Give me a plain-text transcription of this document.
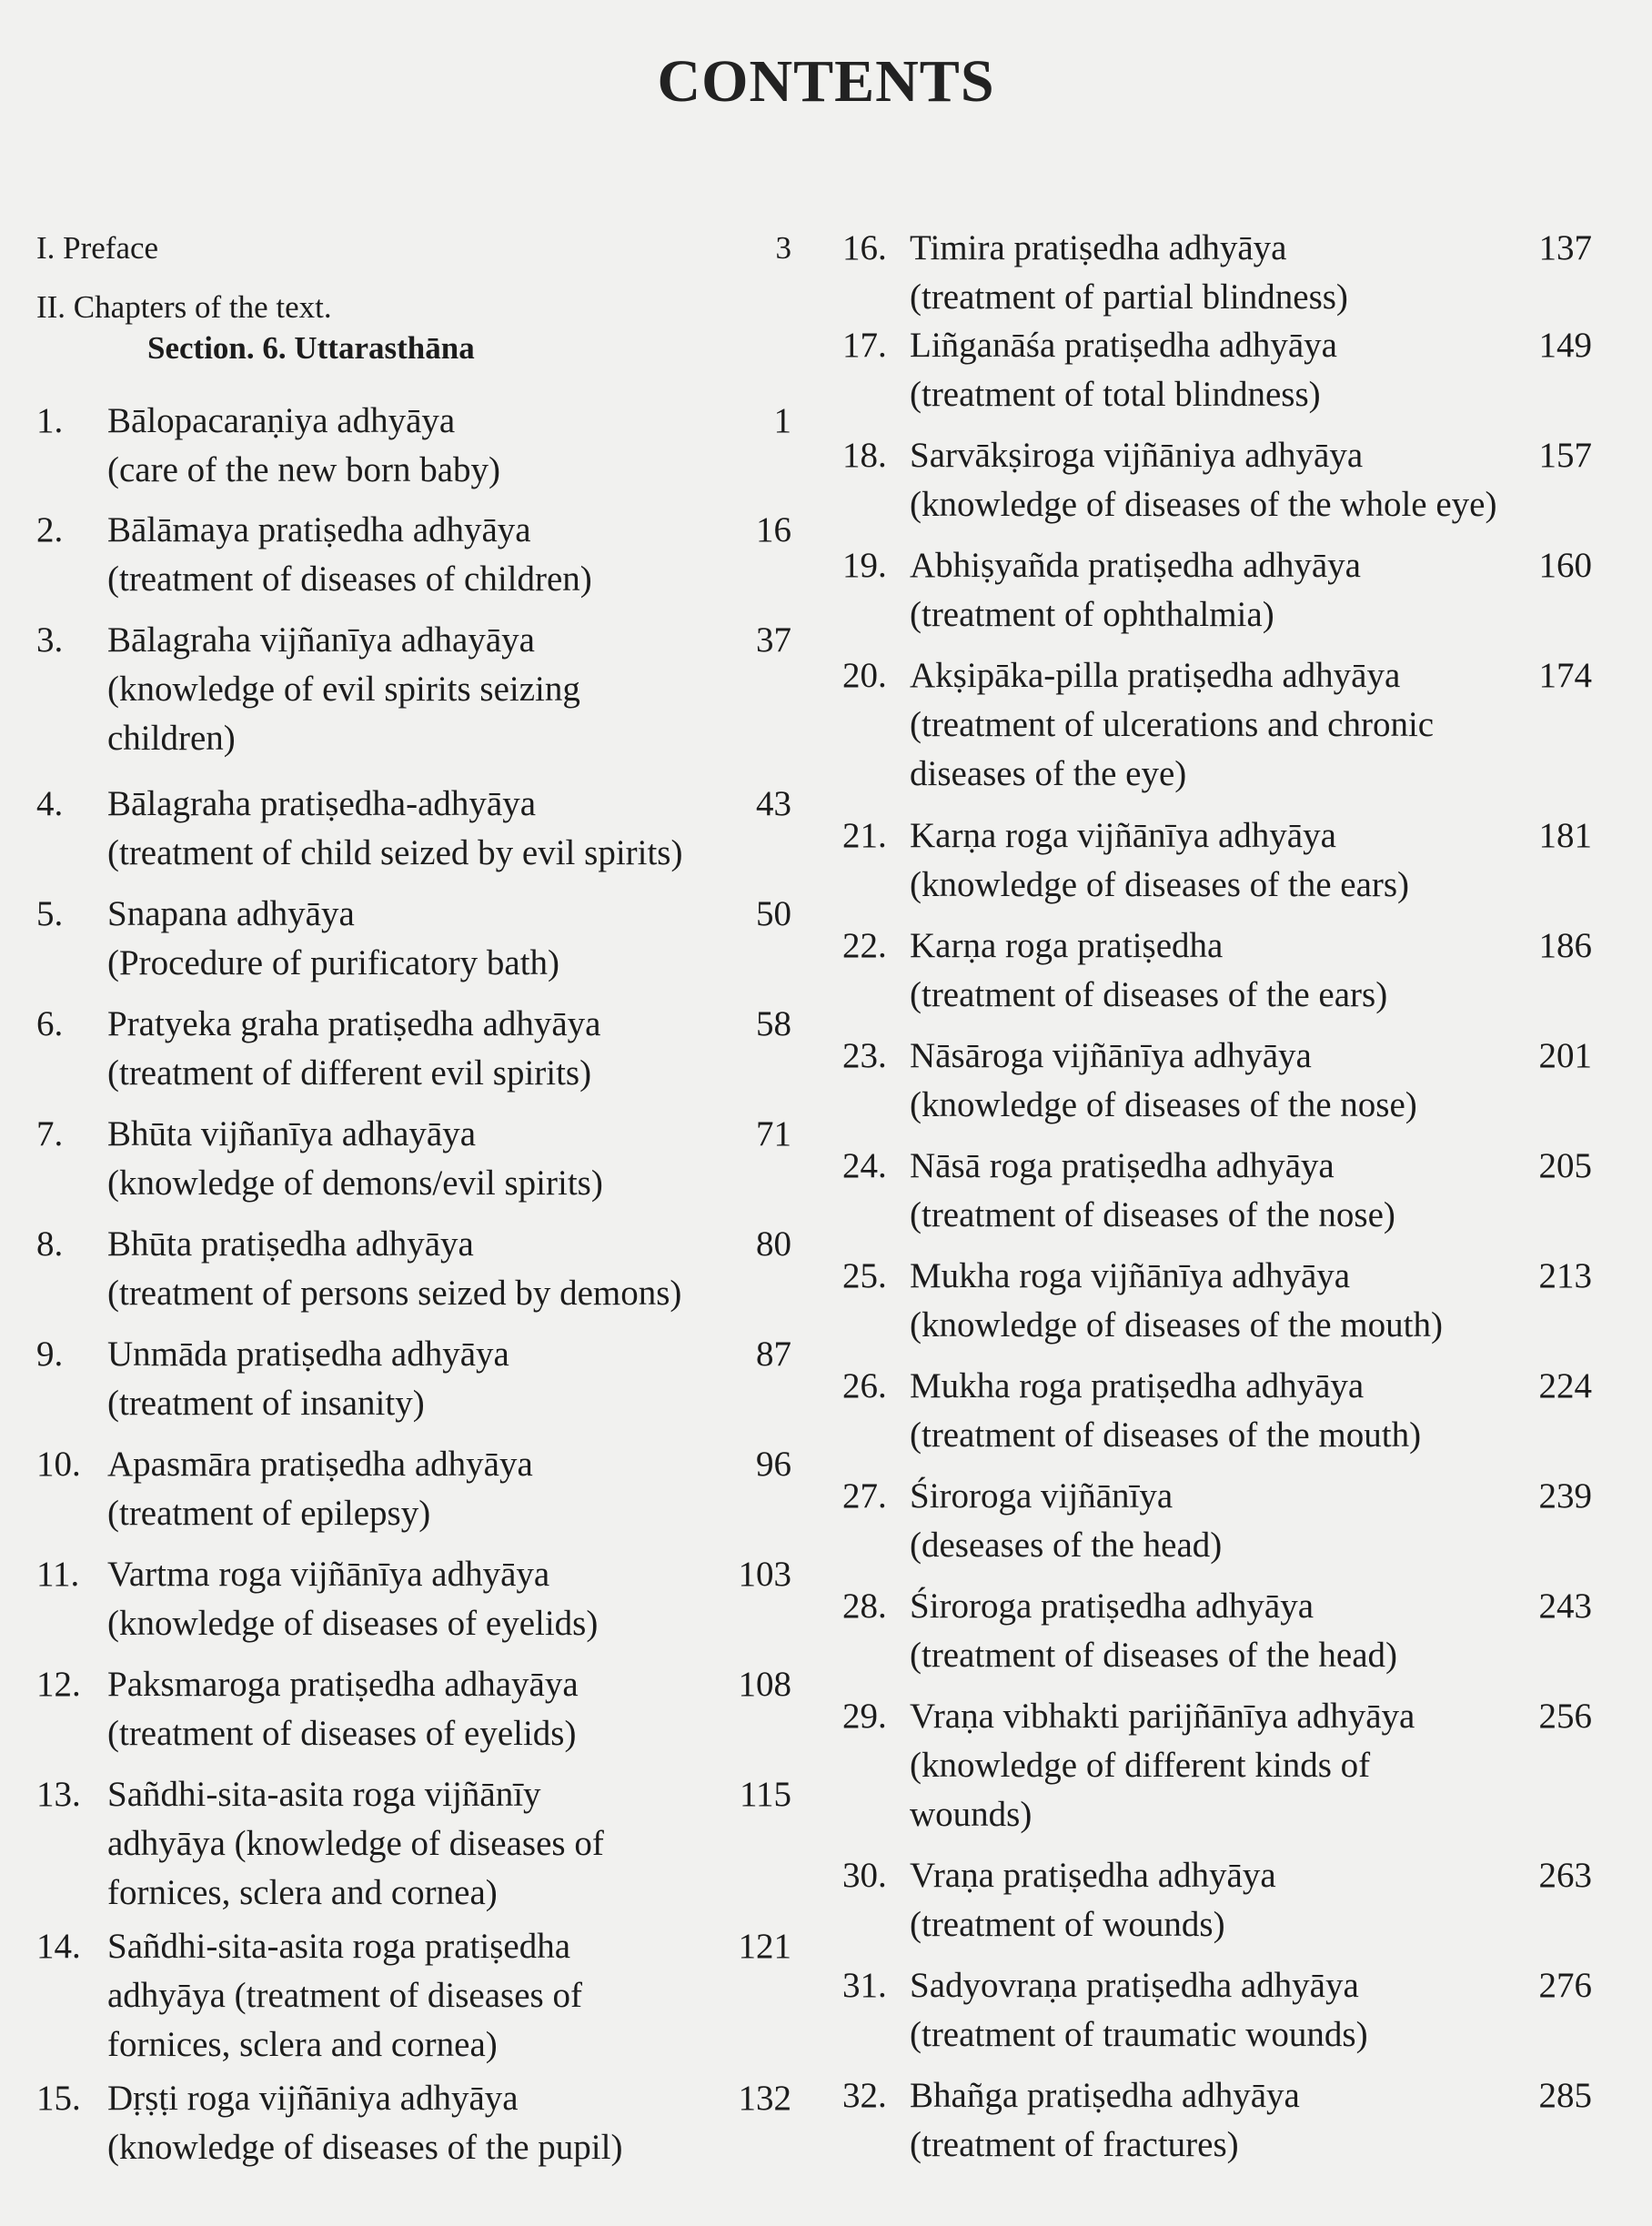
CONTENTS
I. Preface	3
II. Chapters of the text.
Section. 6. Uttarasthāna
1. Bālopacaraṇiya adhyāya
(care of the new born baby)
1
2. Bālāmaya pratiṣedha adhyāya
(treatment of diseases of children)
16
3. Bālagraha vijñanīya adhayāya
(knowledge of evil spirits seizing
children)
37
4. Bālagraha pratiṣedha-adhyāya
(treatment of child seized by evil spirits)
43
5. Snapana adhyāya
(Procedure of purificatory bath)
50
6. Pratyeka graha pratiṣedha adhyāya
(treatment of different evil spirits)
58
7. Bhūta vijñanīya adhayāya
(knowledge of demons/evil spirits)
71
8. Bhūta pratiṣedha adhyāya
(treatment of persons seized by demons)
80
9. Unmāda pratiṣedha adhyāya
(treatment of insanity)
87
10. Apasmāra pratiṣedha adhyāya
(treatment of epilepsy)
96
11. Vartma roga vijñānīya adhyāya
(knowledge of diseases of eyelids)
103
12. Paksmaroga pratiṣedha adhayāya
(treatment of diseases of eyelids)
108
13. Sañdhi-sita-asita roga vijñānīy
adhyāya (knowledge of diseases of
fornices, sclera and cornea)
115
14. Sañdhi-sita-asita roga pratiṣedha
adhyāya (treatment of diseases of
fornices, sclera and cornea)
121
15. Dṛṣṭi roga vijñāniya adhyāya
(knowledge of diseases of the pupil)
132
16. Timira pratiṣedha adhyāya
(treatment of partial blindness)
137
17. Liñganāśa pratiṣedha adhyāya
(treatment of total blindness)
149
18. Sarvākṣiroga vijñāniya adhyāya
(knowledge of diseases of the whole eye)
157
19. Abhiṣyañda pratiṣedha adhyāya
(treatment of ophthalmia)
160
20. Akṣipāka-pilla pratiṣedha adhyāya
(treatment of ulcerations and chronic
diseases of the eye)
174
21. Karṇa roga vijñānīya adhyāya
(knowledge of diseases of the ears)
181
22. Karṇa roga pratiṣedha
(treatment of diseases of the ears)
186
23. Nāsāroga vijñānīya adhyāya
(knowledge of diseases of the nose)
201
24. Nāsā roga pratiṣedha adhyāya
(treatment of diseases of the nose)
205
25. Mukha roga vijñānīya adhyāya
(knowledge of diseases of the mouth)
213
26. Mukha roga pratiṣedha adhyāya
(treatment of diseases of the mouth)
224
27. Śiroroga vijñānīya
(deseases of the head)
239
28. Śiroroga pratiṣedha adhyāya
(treatment of diseases of the head)
243
29. Vraṇa vibhakti parijñānīya adhyāya
(knowledge of different kinds of
wounds)
256
30. Vraṇa pratiṣedha adhyāya
(treatment of wounds)
263
31. Sadyovraṇa pratiṣedha adhyāya
(treatment of traumatic wounds)
276
32. Bhañga pratiṣedha adhyāya
(treatment of fractures)
285
